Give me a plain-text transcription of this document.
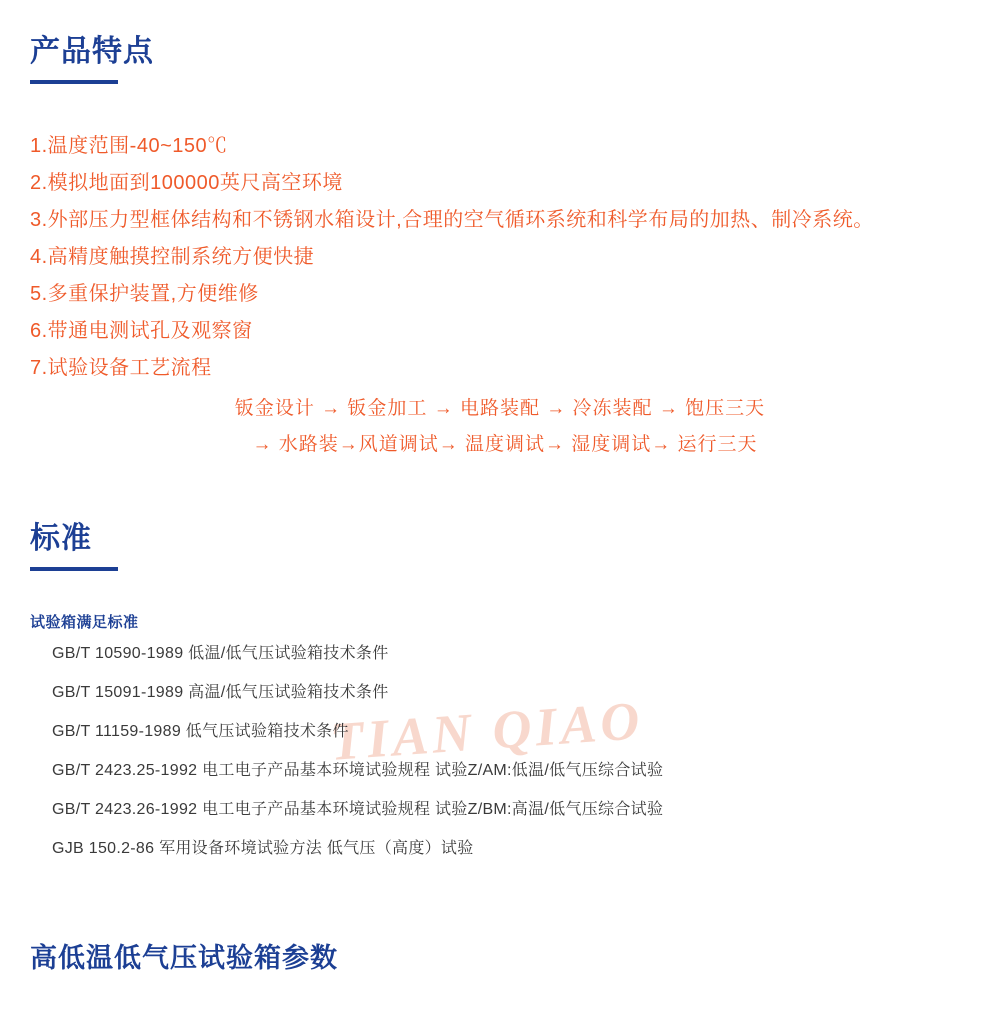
TIAN QIAO
产品特点

1.温度范围-40~150℃

2.模拟地面到100000英尺高空环境

3.外部压力型框体结构和不锈钢水箱设计,合理的空气循环系统和科学布局的加热、制冷系统。

4.高精度触摸控制系统方便快捷

5.多重保护装置,方便维修

6.带通电测试孔及观察窗

7.试验设备工艺流程

钣金设计 → 钣金加工 → 电路装配 → 冷冻装配 → 饱压三天
→ 水路装→风道调试→ 温度调试→ 湿度调试→ 运行三天
标准
试验箱满足标准
GB/T 10590-1989 低温/低气压试验箱技术条件
GB/T 15091-1989 高温/低气压试验箱技术条件
GB/T 11159-1989 低气压试验箱技术条件
GB/T 2423.25-1992 电工电子产品基本环境试验规程 试验Z/AM:低温/低气压综合试验
GB/T 2423.26-1992 电工电子产品基本环境试验规程 试验Z/BM:高温/低气压综合试验
GJB 150.2-86 军用设备环境试验方法 低气压（高度）试验
高低温低气压试验箱参数
